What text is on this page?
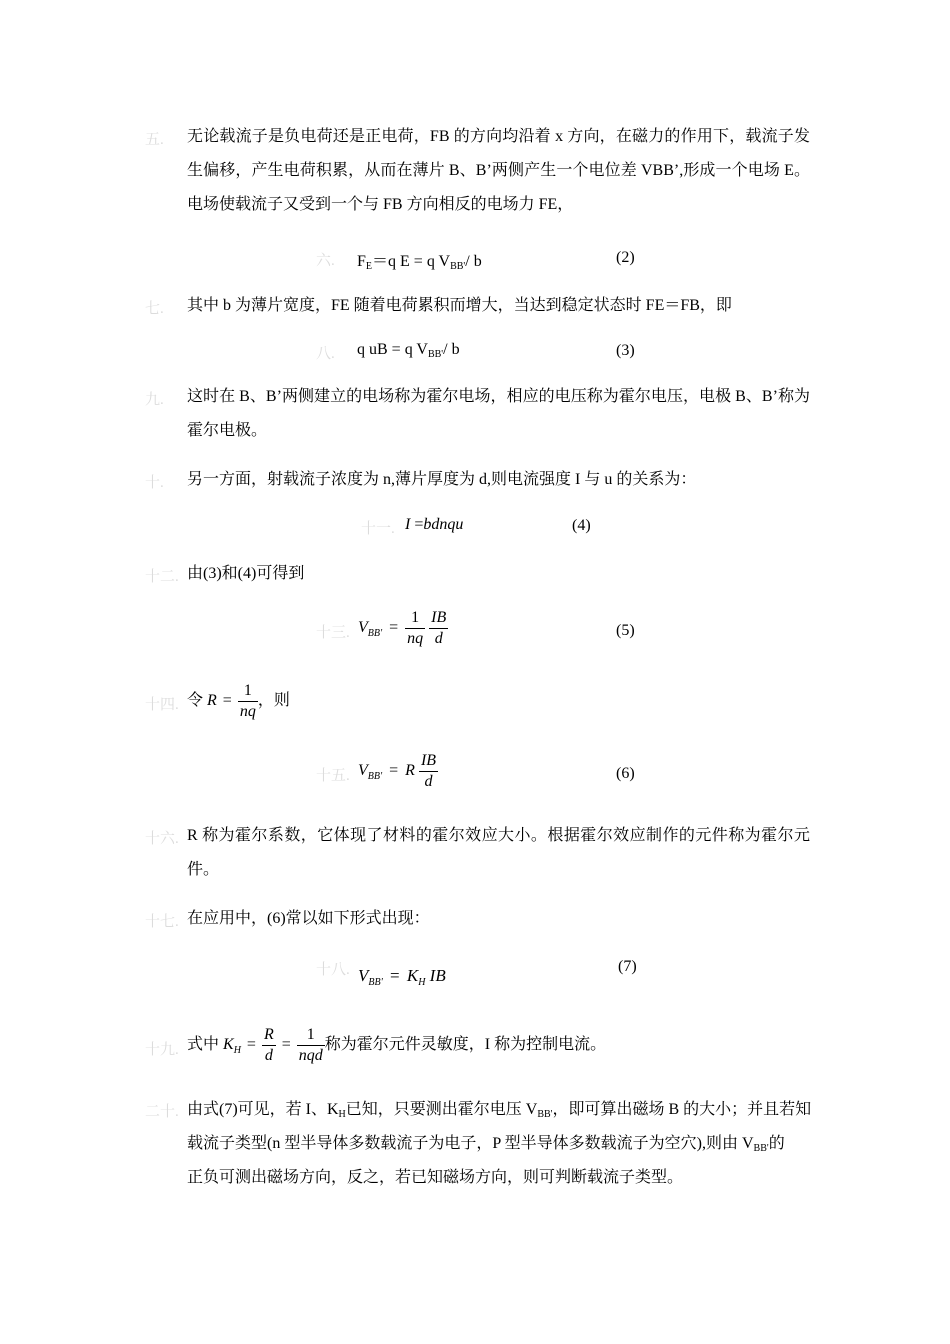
五. 无论载流子是负电荷还是正电荷，FB 的方向均沿着 x 方向，在磁力的作用下，载流子发生偏移，产生电荷积累，从而在薄片 B、B’两侧产生一个电位差 VBB’,形成一个电场 E。电场使载流子又受到一个与 FB 方向相反的电场力 FE，
六. $F_E=q$ E = q $V_{BB'}/$ b	(2)
七. 其中 b 为薄片宽度，FE 随着电荷累积而增大，当达到稳定状态时 FE＝FB，即
八. q uB = q $V_{BB'}/$ b	(3)
九. 这时在 B、B’两侧建立的电场称为霍尔电场，相应的电压称为霍尔电压，电极 B、B’称为霍尔电极。
十. 另一方面，射载流子浓度为 n,薄片厚度为 d,则电流强度 I 与 u 的关系为：
十一. I =bdnqu	(4)
十二. 由(3)和(4)可得到
十三. $V_{BB'} = \frac{1}{nq}$
$\frac{IB}{d}$	(5)
十四. 令 $R = \frac{1}{nq}$ ，则
十五. $V_{BB'} = R \frac{IB}{d}$	(6)
十六. R 称为霍尔系数，它体现了材料的霍尔效应大小。根据霍尔效应制作的元件称为霍尔元件。
十七. 在应用中，(6)常以如下形式出现：
十八. $V_{BB'} = K_H$ IB	(7)
十九. 式中 $K_H = \frac{R}{d} = \frac{1}{\text{nqd}}$ 称为霍尔元件灵敏度，I 称为控制电流。
二十. 由式(7)可见，若 I、$K_H$已知，只要测出霍尔电压 $V_{BB'}$，即可算出磁场 B 的大小；并且若知
载流子类型(n 型半导体多数载流子为电子，P 型半导体多数载流子为空穴),则由 $V_{BB'}$的
正负可测出磁场方向，反之，若已知磁场方向，则可判断载流子类型。
